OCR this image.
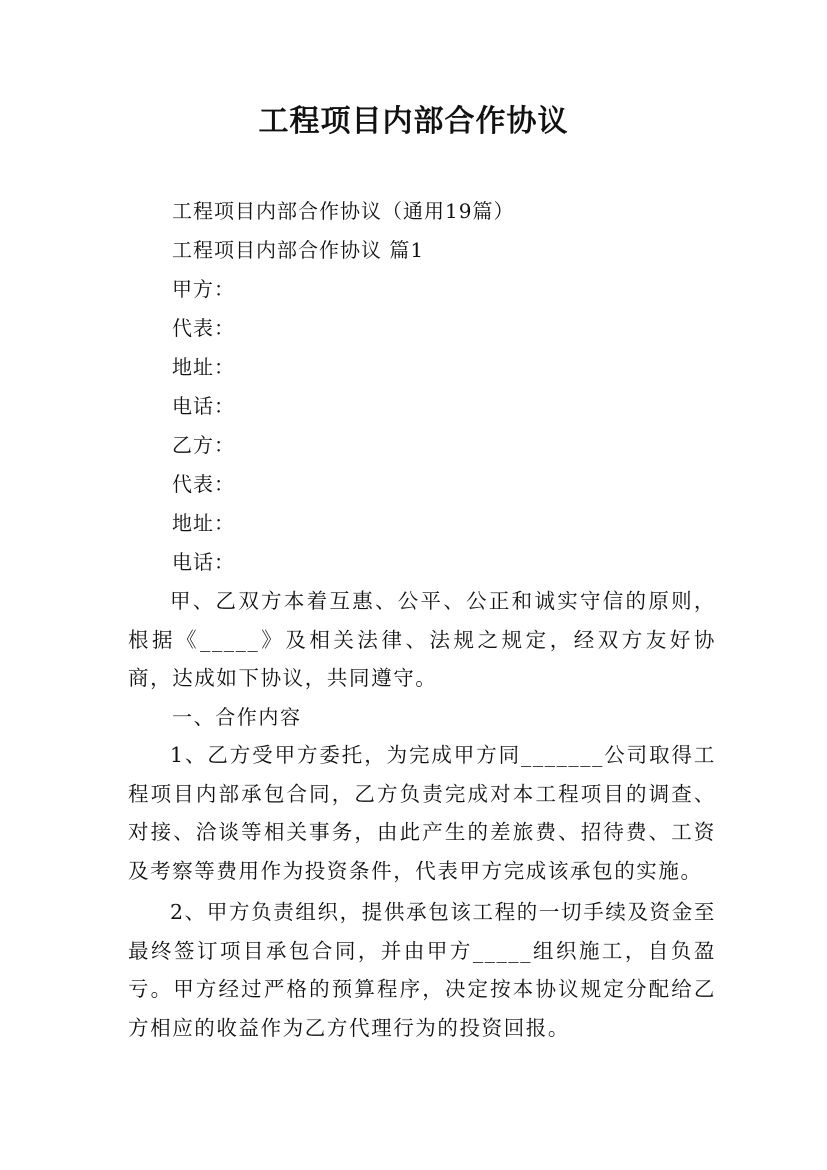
工程项目内部合作协议
工程项目内部合作协议（通用19篇）
工程项目内部合作协议 篇1
甲方：
代表：
地址：
电话：
乙方：
代表：
地址：
电话：
甲、乙双方本着互惠、公平、公正和诚实守信的原则，根据《_____》及相关法律、法规之规定，经双方友好协商，达成如下协议，共同遵守。
一、合作内容
1、乙方受甲方委托，为完成甲方同_______公司取得工程项目内部承包合同，乙方负责完成对本工程项目的调查、对接、洽谈等相关事务，由此产生的差旅费、招待费、工资及考察等费用作为投资条件，代表甲方完成该承包的实施。
2、甲方负责组织，提供承包该工程的一切手续及资金至最终签订项目承包合同，并由甲方_____组织施工，自负盈亏。甲方经过严格的预算程序，决定按本协议规定分配给乙方相应的收益作为乙方代理行为的投资回报。
